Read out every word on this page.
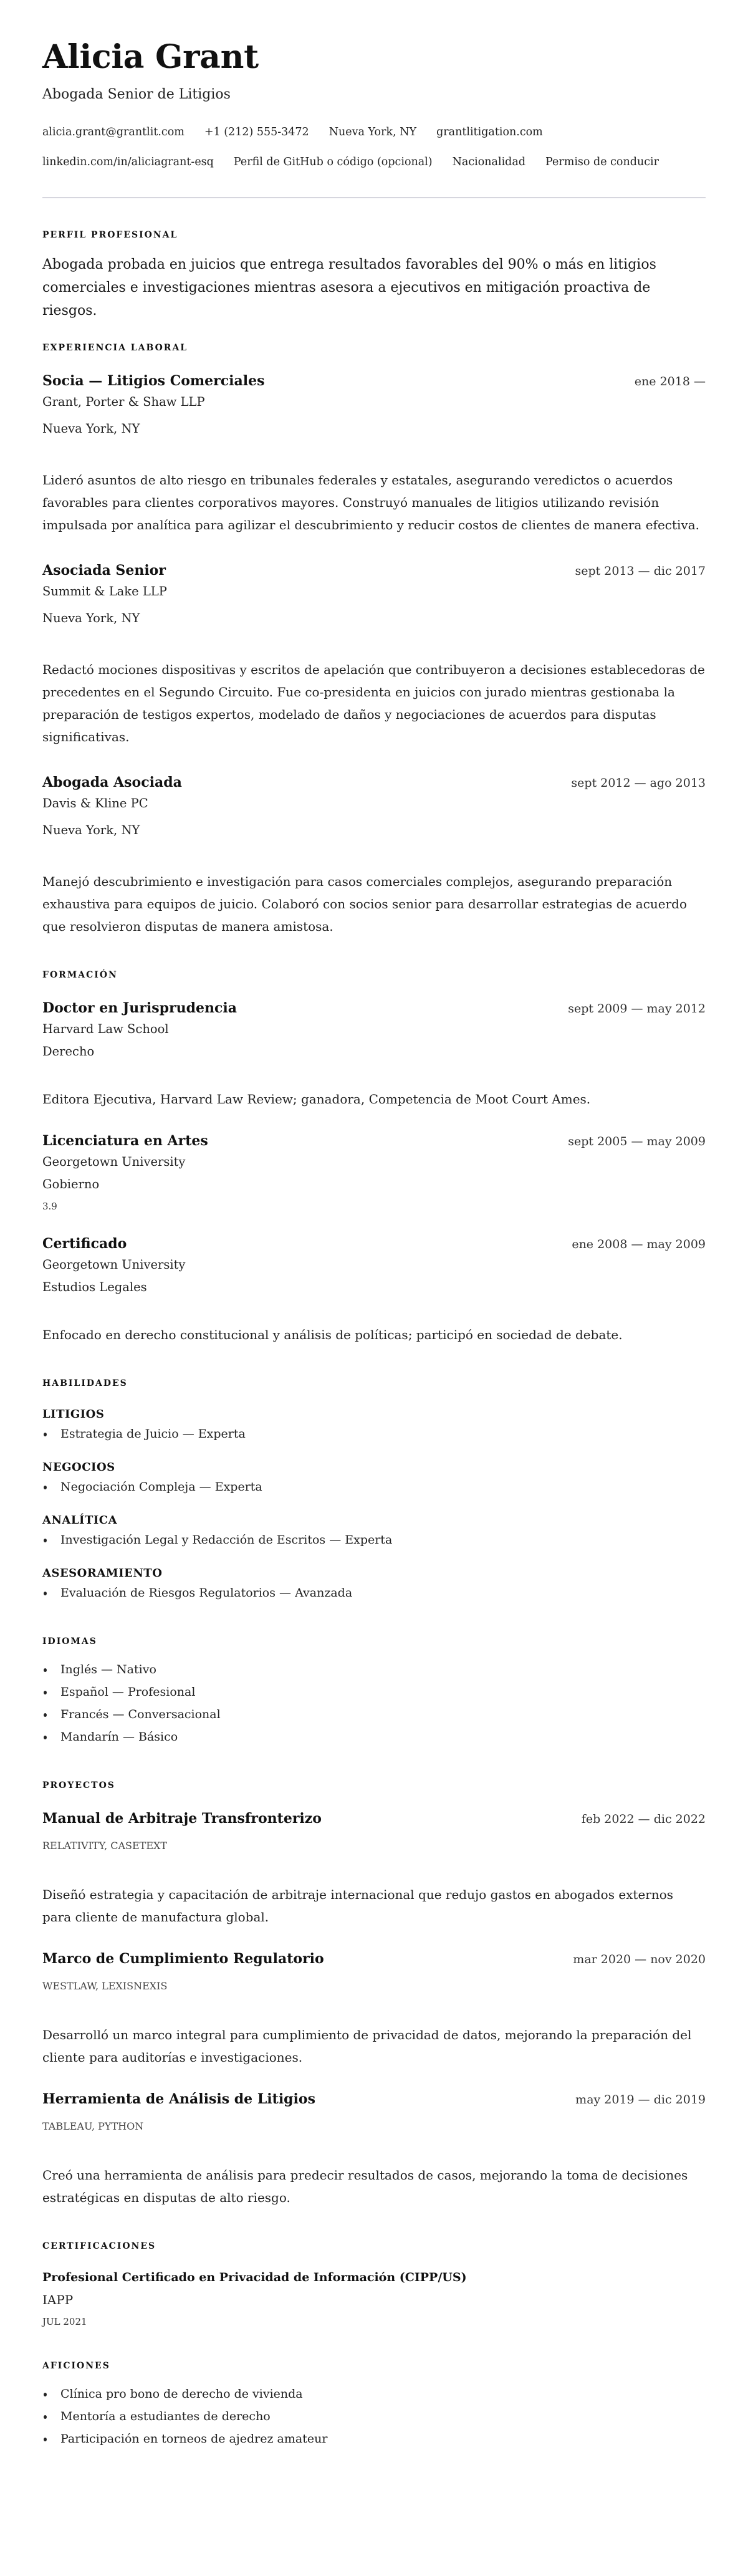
Alicia Grant
Abogada Senior de Litigios
alicia.grant@grantlit.com +1 (212) 555-3472 Nueva York, NY grantlitigation.com
linkedin.com/in/aliciagrant-esq Perfil de GitHub o código (opcional) Nacionalidad Permiso de conducir
PERFIL PROFESIONAL

Abogada probada en juicios que entrega resultados favorables del 90% o más en litigios comerciales e investigaciones mientras asesora a ejecutivos en mitigación proactiva de riesgos.

EXPERIENCIA LABORAL
Socia — Litigios Comerciales	ene 2018 —
Grant, Porter & Shaw LLP
Nueva York, NY
Lideró asuntos de alto riesgo en tribunales federales y estatales, asegurando veredictos o acuerdos favorables para clientes corporativos mayores. Construyó manuales de litigios utilizando revisión impulsada por analítica para agilizar el descubrimiento y reducir costos de clientes de manera efectiva.
Asociada Senior	sept 2013 — dic 2017
Summit & Lake LLP
Nueva York, NY
Redactó mociones dispositivas y escritos de apelación que contribuyeron a decisiones establecedoras de precedentes en el Segundo Circuito. Fue co-presidenta en juicios con jurado mientras gestionaba la preparación de testigos expertos, modelado de daños y negociaciones de acuerdos para disputas significativas.
Abogada Asociada	sept 2012 — ago 2013
Davis & Kline PC
Nueva York, NY
Manejó descubrimiento e investigación para casos comerciales complejos, asegurando preparación exhaustiva para equipos de juicio. Colaboró con socios senior para desarrollar estrategias de acuerdo que resolvieron disputas de manera amistosa.
FORMACIÓN
Doctor en Jurisprudencia	sept 2009 — may 2012
Harvard Law School
Derecho
Editora Ejecutiva, Harvard Law Review; ganadora, Competencia de Moot Court Ames.
Licenciatura en Artes	sept 2005 — may 2009
Georgetown University
Gobierno
3.9
Certificado	ene 2008 — may 2009
Georgetown University
Estudios Legales
Enfocado en derecho constitucional y análisis de políticas; participó en sociedad de debate.
HABILIDADES
LITIGIOS
Estrategia de Juicio — Experta
NEGOCIOS
Negociación Compleja — Experta
ANALÍTICA
Investigación Legal y Redacción de Escritos — Experta
ASESORAMIENTO
Evaluación de Riesgos Regulatorios — Avanzada
IDIOMAS
Inglés — Nativo
Español — Profesional
Francés — Conversacional
Mandarín — Básico
PROYECTOS
Manual de Arbitraje Transfronterizo	feb 2022 — dic 2022
RELATIVITY, CASETEXT
Diseñó estrategia y capacitación de arbitraje internacional que redujo gastos en abogados externos para cliente de manufactura global.
Marco de Cumplimiento Regulatorio	mar 2020 — nov 2020
WESTLAW, LEXISNEXIS
Desarrolló un marco integral para cumplimiento de privacidad de datos, mejorando la preparación del cliente para auditorías e investigaciones.
Herramienta de Análisis de Litigios	may 2019 — dic 2019
TABLEAU, PYTHON
Creó una herramienta de análisis para predecir resultados de casos, mejorando la toma de decisiones estratégicas en disputas de alto riesgo.
CERTIFICACIONES
Profesional Certificado en Privacidad de Información (CIPP/US)
IAPP
JUL 2021
AFICIONES
Clínica pro bono de derecho de vivienda
Mentoría a estudiantes de derecho
Participación en torneos de ajedrez amateur
